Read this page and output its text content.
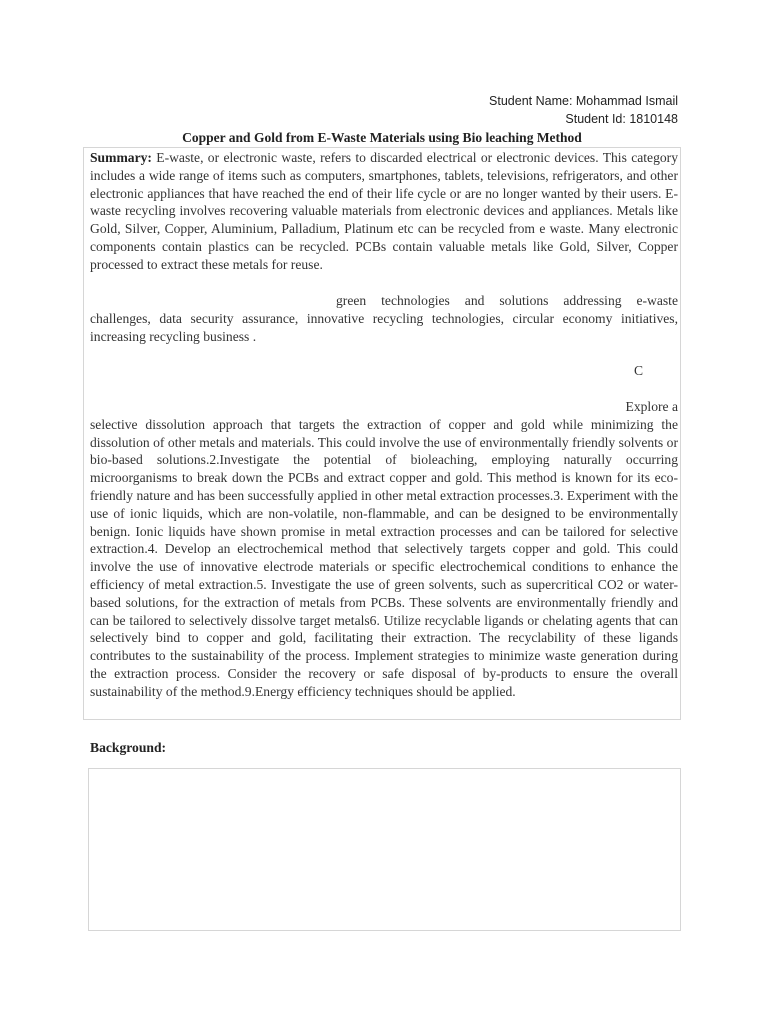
Student Name: Mohammad Ismail
Student Id: 1810148
Copper and Gold from E-Waste Materials using Bio leaching Method

Summary: E-waste, or electronic waste, refers to discarded electrical or electronic devices. This category includes a wide range of items such as computers, smartphones, tablets, televisions, refrigerators, and other electronic appliances that have reached the end of their life cycle or are no longer wanted by their users. E-waste recycling involves recovering valuable materials from electronic devices and appliances. Metals like Gold, Silver, Copper, Aluminium, Palladium, Platinum etc can be recycled from e waste. Many electronic components contain plastics can be recycled. PCBs contain valuable metals like Gold, Silver, Copper processed to extract these metals for reuse.

green technologies and solutions addressing e-waste challenges, data security assurance, innovative recycling technologies, circular economy initiatives, increasing recycling business .

C

Explore a

selective dissolution approach that targets the extraction of copper and gold while minimizing the dissolution of other metals and materials. This could involve the use of environmentally friendly solvents or bio-based solutions.2.Investigate the potential of bioleaching, employing naturally occurring microorganisms to break down the PCBs and extract copper and gold. This method is known for its eco-friendly nature and has been successfully applied in other metal extraction processes.3. Experiment with the use of ionic liquids, which are non-volatile, non-flammable, and can be designed to be environmentally benign. Ionic liquids have shown promise in metal extraction processes and can be tailored for selective extraction.4. Develop an electrochemical method that selectively targets copper and gold. This could involve the use of innovative electrode materials or specific electrochemical conditions to enhance the efficiency of metal extraction.5. Investigate the use of green solvents, such as supercritical CO2 or water-based solutions, for the extraction of metals from PCBs. These solvents are environmentally friendly and can be tailored to selectively dissolve target metals6. Utilize recyclable ligands or chelating agents that can selectively bind to copper and gold, facilitating their extraction. The recyclability of these ligands contributes to the sustainability of the process. Implement strategies to minimize waste generation during the extraction process. Consider the recovery or safe disposal of by-products to ensure the overall sustainability of the method.9.Energy efficiency techniques should be applied.

Background:
